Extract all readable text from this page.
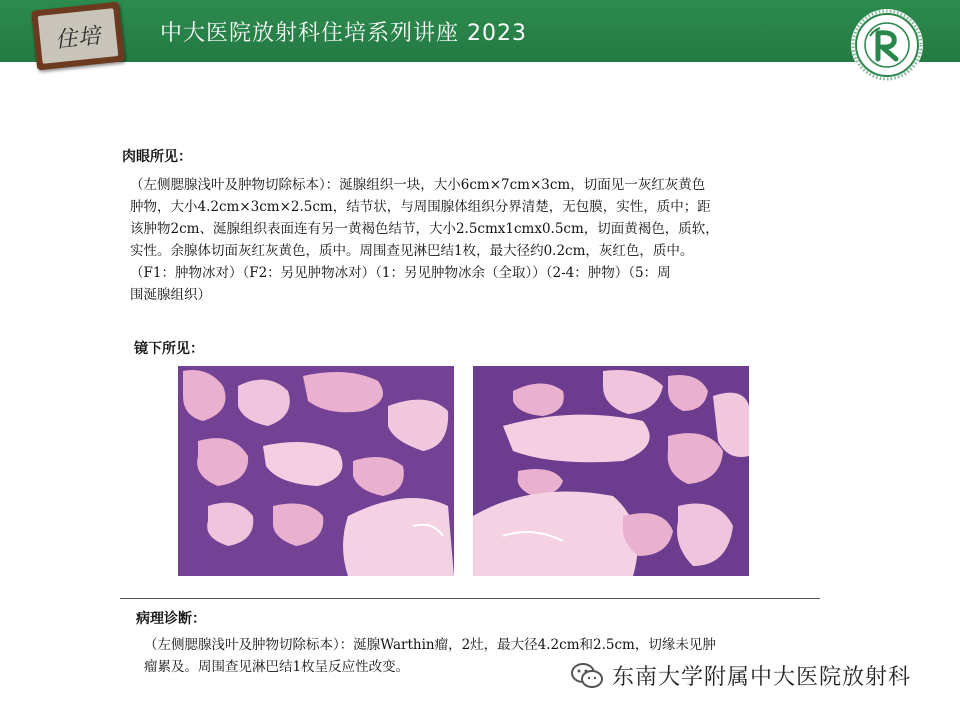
住培	中大医院放射科住培系列讲座 2023
肉眼所见：

（左侧腮腺浅叶及肿物切除标本）：涎腺组织一块，大小6cm×7cm×3cm，切面见一灰红灰黄色

肿物，大小4.2cm×3cm×2.5cm，结节状，与周围腺体组织分界清楚，无包膜，实性，质中；距

该肿物2cm、涎腺组织表面连有另一黄褐色结节，大小2.5cmx1cmx0.5cm，切面黄褐色，质软，

实性。余腺体切面灰红灰黄色，质中。周围查见淋巴结1枚，最大径约0.2cm，灰红色，质中。

（F1：肿物冰对）（F2：另见肿物冰对）（1：另见肿物冰余（全取））（2-4：肿物）（5：周

围涎腺组织）

镜下所见：
病理诊断：

（左侧腮腺浅叶及肿物切除标本）：涎腺Warthin瘤，2灶，最大径4.2cm和2.5cm，切缘未见肿

瘤累及。周围查见淋巴结1枚呈反应性改变。	东南大学附属中大医院放射科
